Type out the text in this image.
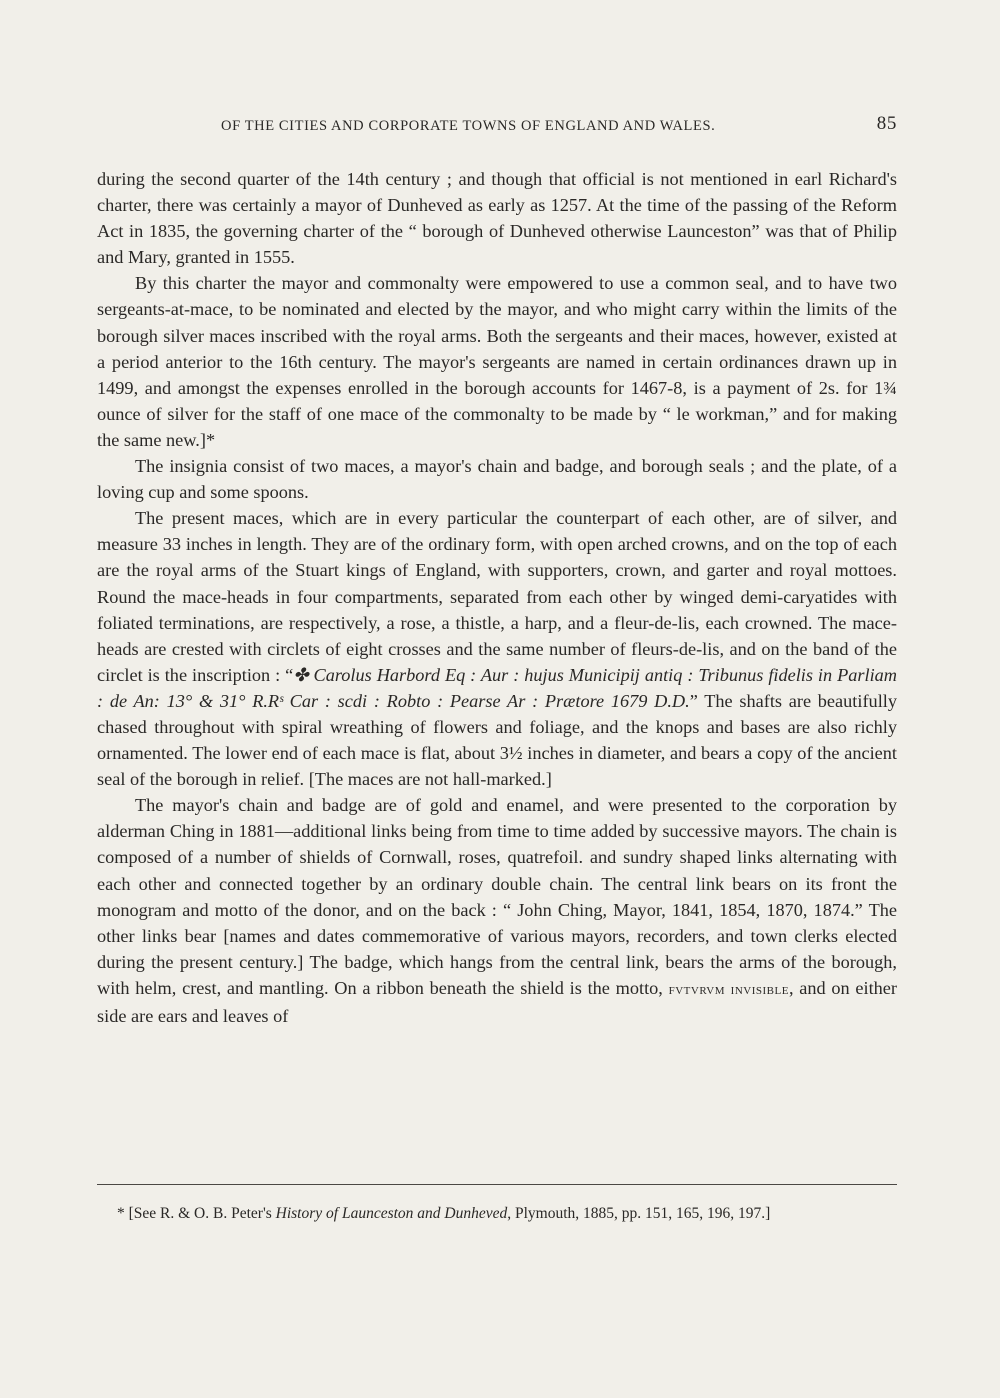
OF THE CITIES AND CORPORATE TOWNS OF ENGLAND AND WALES.	85

during the second quarter of the 14th century ; and though that official is not mentioned in earl Richard's charter, there was certainly a mayor of Dunheved as early as 1257. At the time of the passing of the Reform Act in 1835, the governing charter of the “ borough of Dunheved otherwise Launceston” was that of Philip and Mary, granted in 1555.

By this charter the mayor and commonalty were empowered to use a common seal, and to have two sergeants-at-mace, to be nominated and elected by the mayor, and who might carry within the limits of the borough silver maces inscribed with the royal arms. Both the sergeants and their maces, however, existed at a period anterior to the 16th century. The mayor's sergeants are named in certain ordinances drawn up in 1499, and amongst the expenses enrolled in the borough accounts for 1467-8, is a payment of 2s. for 1¾ ounce of silver for the staff of one mace of the commonalty to be made by “ le workman,” and for making the same new.]*

The insignia consist of two maces, a mayor's chain and badge, and borough seals ; and the plate, of a loving cup and some spoons.

The present maces, which are in every particular the counterpart of each other, are of silver, and measure 33 inches in length. They are of the ordinary form, with open arched crowns, and on the top of each are the royal arms of the Stuart kings of England, with supporters, crown, and garter and royal mottoes. Round the mace-heads in four compartments, separated from each other by winged demi-caryatides with foliated terminations, are respectively, a rose, a thistle, a harp, and a fleur-de-lis, each crowned. The mace-heads are crested with circlets of eight crosses and the same number of fleurs-de-lis, and on the band of the circlet is the inscription : “✤ Carolus Harbord Eq : Aur : hujus Municipij antiq : Tribunus fidelis in Parliam : de An: 13° & 31° R.Rˢ Car : scdi : Robto : Pearse Ar : Prætore 1679 D.D.” The shafts are beautifully chased throughout with spiral wreathing of flowers and foliage, and the knops and bases are also richly ornamented. The lower end of each mace is flat, about 3½ inches in diameter, and bears a copy of the ancient seal of the borough in relief. [The maces are not hall-marked.]

The mayor's chain and badge are of gold and enamel, and were presented to the corporation by alderman Ching in 1881—additional links being from time to time added by successive mayors. The chain is composed of a number of shields of Cornwall, roses, quatrefoil. and sundry shaped links alternating with each other and connected together by an ordinary double chain. The central link bears on its front the monogram and motto of the donor, and on the back : “ John Ching, Mayor, 1841, 1854, 1870, 1874.” The other links bear [names and dates commemorative of various mayors, recorders, and town clerks elected during the present century.] The badge, which hangs from the central link, bears the arms of the borough, with helm, crest, and mantling. On a ribbon beneath the shield is the motto, fvtvrvm invisible, and on either side are ears and leaves of

* [See R. & O. B. Peter's History of Launceston and Dunheved, Plymouth, 1885, pp. 151, 165, 196, 197.]
